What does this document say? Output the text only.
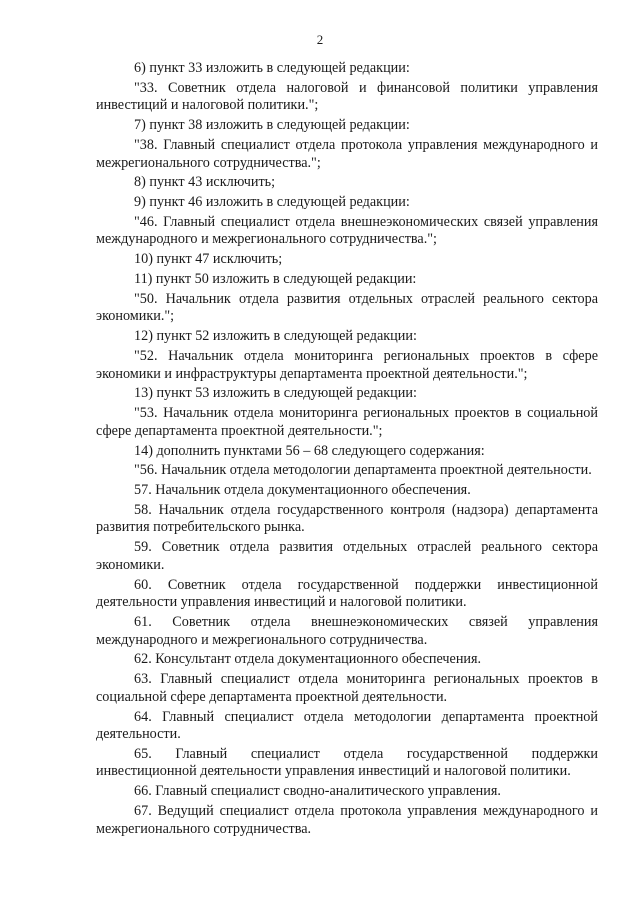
2

6) пункт 33 изложить в следующей редакции:

"33. Советник отдела налоговой и финансовой политики управления инвестиций и налоговой политики.";

7) пункт 38 изложить в следующей редакции:

"38. Главный специалист отдела протокола управления международного и межрегионального сотрудничества.";

8) пункт 43 исключить;

9) пункт 46 изложить в следующей редакции:

"46. Главный специалист отдела внешнеэкономических связей управления международного и межрегионального сотрудничества.";

10) пункт 47 исключить;

11) пункт 50 изложить в следующей редакции:

"50. Начальник отдела развития отдельных отраслей реального сектора экономики.";

12) пункт 52 изложить в следующей редакции:

"52. Начальник отдела мониторинга региональных проектов в сфере экономики и инфраструктуры департамента проектной деятельности.";

13) пункт 53 изложить в следующей редакции:

"53. Начальник отдела мониторинга региональных проектов в социальной сфере департамента проектной деятельности.";

14) дополнить пунктами 56 – 68 следующего содержания:

"56. Начальник отдела методологии департамента проектной деятельности.

57. Начальник отдела документационного обеспечения.

58. Начальник отдела государственного контроля (надзора) департамента развития потребительского рынка.

59. Советник отдела развития отдельных отраслей реального сектора экономики.

60. Советник отдела государственной поддержки инвестиционной деятельности управления инвестиций и налоговой политики.

61. Советник отдела внешнеэкономических связей управления международного и межрегионального сотрудничества.

62. Консультант отдела документационного обеспечения.

63. Главный специалист отдела мониторинга региональных проектов в социальной сфере департамента проектной деятельности.

64. Главный специалист отдела методологии департамента проектной деятельности.

65. Главный специалист отдела государственной поддержки инвестиционной деятельности управления инвестиций и налоговой политики.

66. Главный специалист сводно-аналитического управления.

67. Ведущий специалист отдела протокола управления международного и межрегионального сотрудничества.
